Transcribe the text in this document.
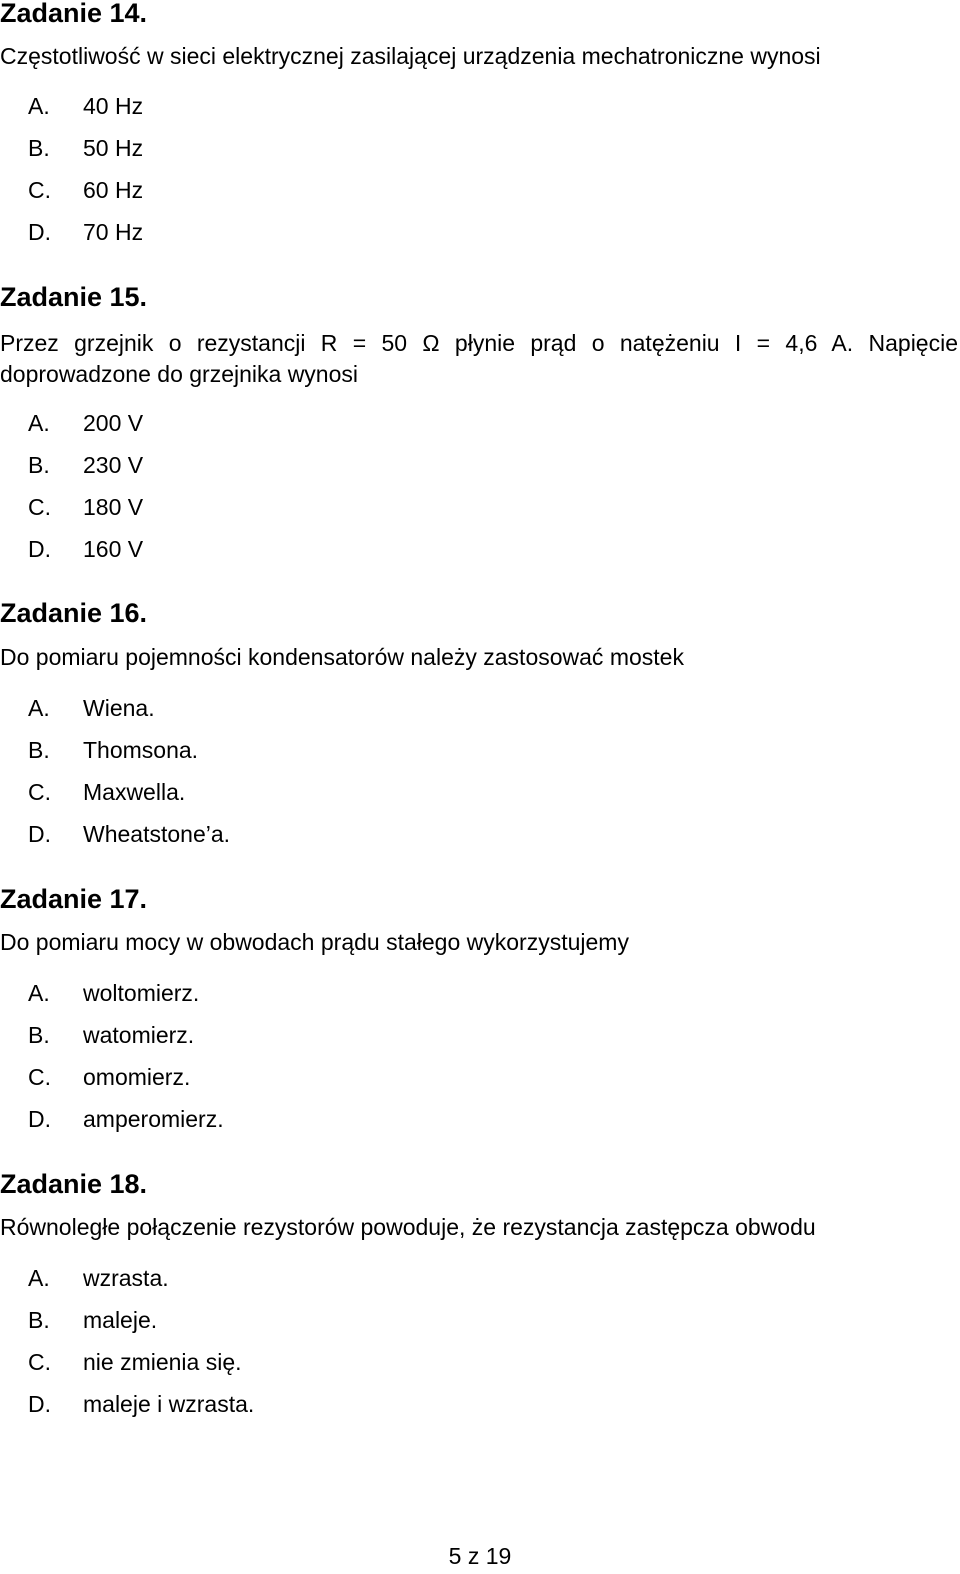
Zadanie 14.
Częstotliwość w sieci elektrycznej zasilającej urządzenia mechatroniczne wynosi
A. 40 Hz
B. 50 Hz
C. 60 Hz
D. 70 Hz
Zadanie 15.
Przez grzejnik o rezystancji R = 50 Ω płynie prąd o natężeniu I = 4,6 A. Napięcie doprowadzone do grzejnika wynosi
A. 200 V
B. 230 V
C. 180 V
D. 160 V
Zadanie 16.
Do pomiaru pojemności kondensatorów należy zastosować mostek
A. Wiena.
B. Thomsona.
C. Maxwella.
D. Wheatstone’a.
Zadanie 17.
Do pomiaru mocy w obwodach prądu stałego wykorzystujemy
A. woltomierz.
B. watomierz.
C. omomierz.
D. amperomierz.
Zadanie 18.
Równoległe połączenie rezystorów powoduje, że rezystancja zastępcza obwodu
A. wzrasta.
B. maleje.
C. nie zmienia się.
D. maleje i wzrasta.
5 z 19
